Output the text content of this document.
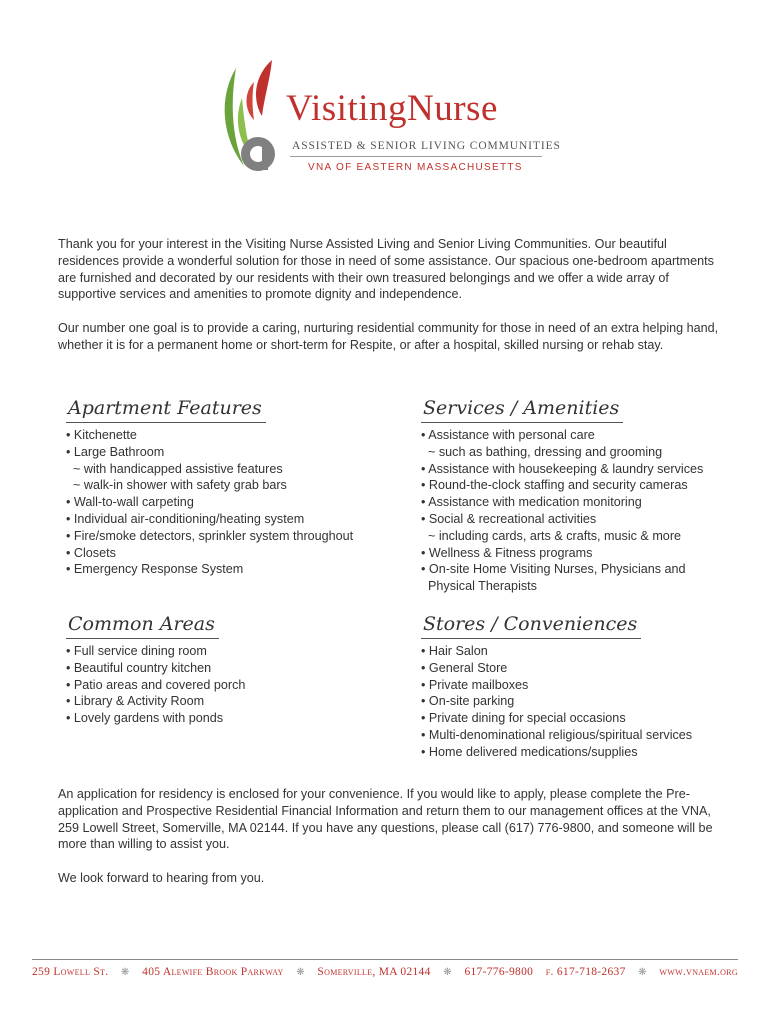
VisitingNurse
ASSISTED & SENIOR LIVING COMMUNITIES
VNA OF EASTERN MASSACHUSETTS

Thank you for your interest in the Visiting Nurse Assisted Living and Senior Living Communities. Our beautiful residences provide a wonderful solution for those in need of some assistance. Our spacious one-bedroom apartments are furnished and decorated by our residents with their own treasured belongings and we offer a wide array of supportive services and amenities to promote dignity and independence.

Our number one goal is to provide a caring, nurturing residential community for those in need of an extra helping hand, whether it is for a permanent home or short-term for Respite, or after a hospital, skilled nursing or rehab stay.

Apartment Features
• Kitchenette
• Large Bathroom
~ with handicapped assistive features
~ walk-in shower with safety grab bars
• Wall-to-wall carpeting
• Individual air-conditioning/heating system
• Fire/smoke detectors, sprinkler system throughout
• Closets
• Emergency Response System
Services / Amenities
• Assistance with personal care
~ such as bathing, dressing and grooming
• Assistance with housekeeping & laundry services
• Round-the-clock staffing and security cameras
• Assistance with medication monitoring
• Social & recreational activities
~ including cards, arts & crafts, music & more
• Wellness & Fitness programs
• On-site Home Visiting Nurses, Physicians and
Physical Therapists
Common Areas
• Full service dining room
• Beautiful country kitchen
• Patio areas and covered porch
• Library & Activity Room
• Lovely gardens with ponds
Stores / Conveniences
• Hair Salon
• General Store
• Private mailboxes
• On-site parking
• Private dining for special occasions
• Multi-denominational religious/spiritual services
• Home delivered medications/supplies

An application for residency is enclosed for your convenience. If you would like to apply, please complete the Pre-application and Prospective Residential Financial Information and return them to our management offices at the VNA, 259 Lowell Street, Somerville, MA 02144. If you have any questions, please call (617) 776-9800, and someone will be more than willing to assist you.

We look forward to hearing from you.

259 Lowell St. ❋ 405 Alewife Brook Parkway ❋ Somerville, MA 02144 ❋ 617-776-9800 f. 617-718-2637 ❋ www.vnaem.org
